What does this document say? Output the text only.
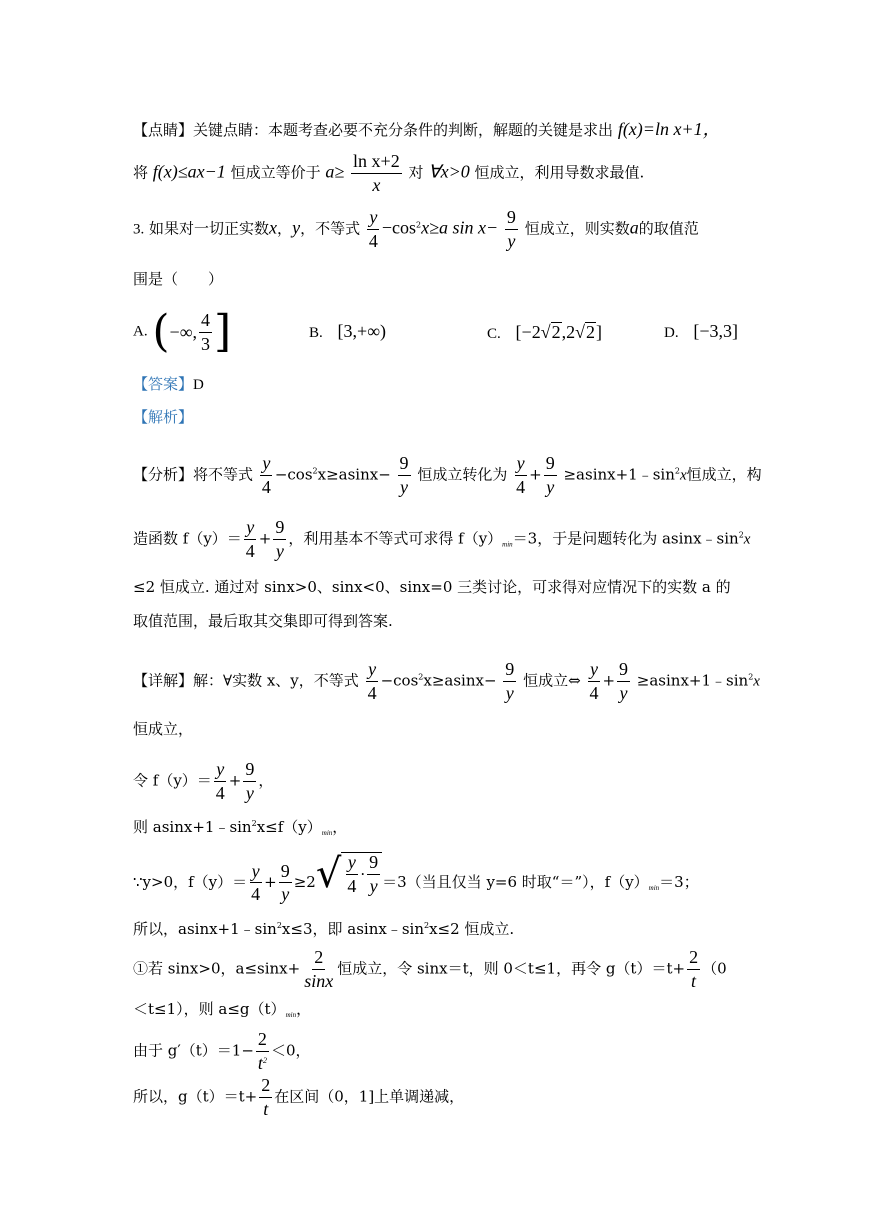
【点睛】关键点睛：本题考查必要不充分条件的判断，解题的关键是求出 f(x)=ln x+1，
将 f(x)≤ax−1 恒成立等价于 $a\ge \frac{\text{ln x+2}}{x}$ 对 ∀x>0 恒成立，利用导数求最值.
3. 如果对一切正实数x，y，不等式 $\frac{y}{4} -\cos^2x\ge a$ $\sin x- \frac{9}{y}$ 恒成立，则实数a的取值范
围是（　　）
A. (−∞, $\frac{4}{3}$ ]	B. [3,+∞)	C. [−2√2,2√2]	D. [−3,3]
【答案】D
【解析】
【分析】将不等式 $\frac{y}{4} -\cos^2x\ge asinx- \frac{9}{y}$ 恒成立转化为 $\frac{y}{4} + \frac{9}{y}$ $\ge asinx+1﹣\sin^2x$恒成立，构
造函数 $f(y)= \frac{y}{4} + \frac{9}{y}$ ，利用基本不等式可求得 $f(y)_{min}=3$，于是问题转化为 $asinx﹣\sin^2x$
≤2 恒成立. 通过对 sinx>0、sinx<0、sinx=0 三类讨论，可求得对应情况下的实数 a 的
取值范围，最后取其交集即可得到答案.
【详解】解：∀实数 x、y，不等式 $\frac{y}{4} -\cos^2x\ge asinx- \frac{9}{y}$ 恒成立⇔ $\frac{y}{4} + \frac{9}{y}$ $\ge asinx+1﹣\sin^2x$
恒成立，
令 $f(y)= \frac{y}{4} + \frac{9}{y}$ ，
则 $asinx+1﹣\sin^2x\le f(y)_{min}$，
∵y>0，$f(y)= \frac{y}{4} + \frac{9}{y} \ge 2$ √ $\frac{y}{4} \cdot \frac{9}{y} =3$（当且仅当 y=6 时取“＝”），$f(y)_{min}=3$；
所以，$asinx+1﹣\sin^2x\le 3$，即 $asinx﹣\sin^2x\le 2$ 恒成立.
①若 sinx>0，$a\le\sin x+ \frac{2}{\sin x}$ 恒成立，令 sinx＝t，则 0＜t≤1，再令 $g(t)=t+ \frac{2}{t} (0$
＜t≤1），则 $a\le g(t)_{min}$，
由于 $g'(t)=1- \frac{2}{t^2} <0$，
所以，$g(t)=t+ \frac{2}{t}$ 在区间（0，1]上单调递减，
